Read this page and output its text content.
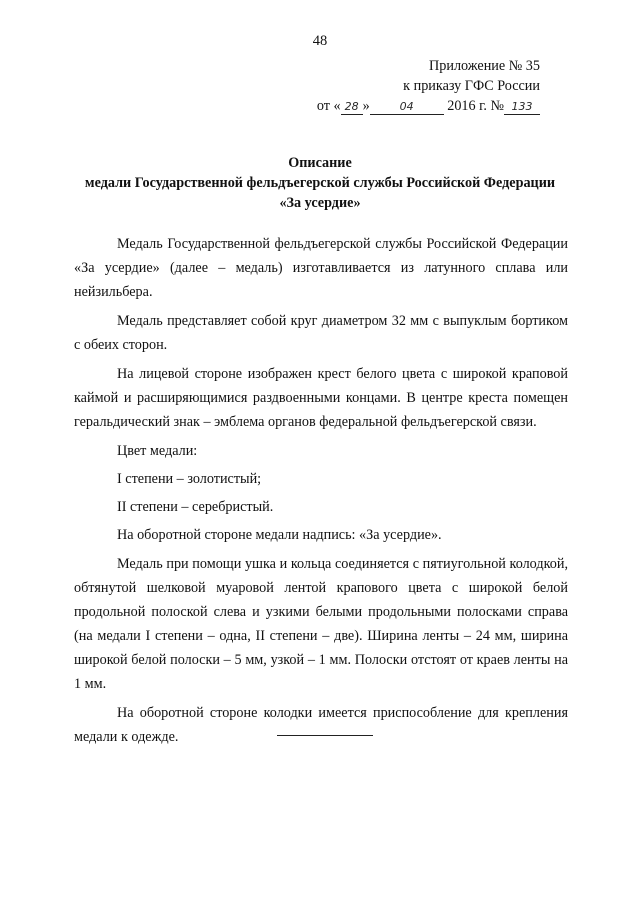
48
Приложение № 35
к приказу ГФС России
от « 28 »	04 2016 г. № 133
Описание
медали Государственной фельдъегерской службы Российской Федерации
«За усердие»

Медаль Государственной фельдъегерской службы Российской Федерации «За усердие» (далее – медаль) изготавливается из латунного сплава или нейзильбера.

Медаль представляет собой круг диаметром 32 мм с выпуклым бортиком с обеих сторон.

На лицевой стороне изображен крест белого цвета с широкой краповой каймой и расширяющимися раздвоенными концами. В центре креста помещен геральдический знак – эмблема органов федеральной фельдъегерской связи.

Цвет медали:

I степени – золотистый;

II степени – серебристый.

На оборотной стороне медали надпись: «За усердие».

Медаль при помощи ушка и кольца соединяется с пятиугольной колодкой, обтянутой шелковой муаровой лентой крапового цвета с широкой белой продольной полоской слева и узкими белыми продольными полосками справа (на медали I степени – одна, II степени – две). Ширина ленты – 24 мм, ширина широкой белой полоски – 5 мм, узкой – 1 мм. Полоски отстоят от краев ленты на 1 мм.

На оборотной стороне колодки имеется приспособление для крепления медали к одежде.
